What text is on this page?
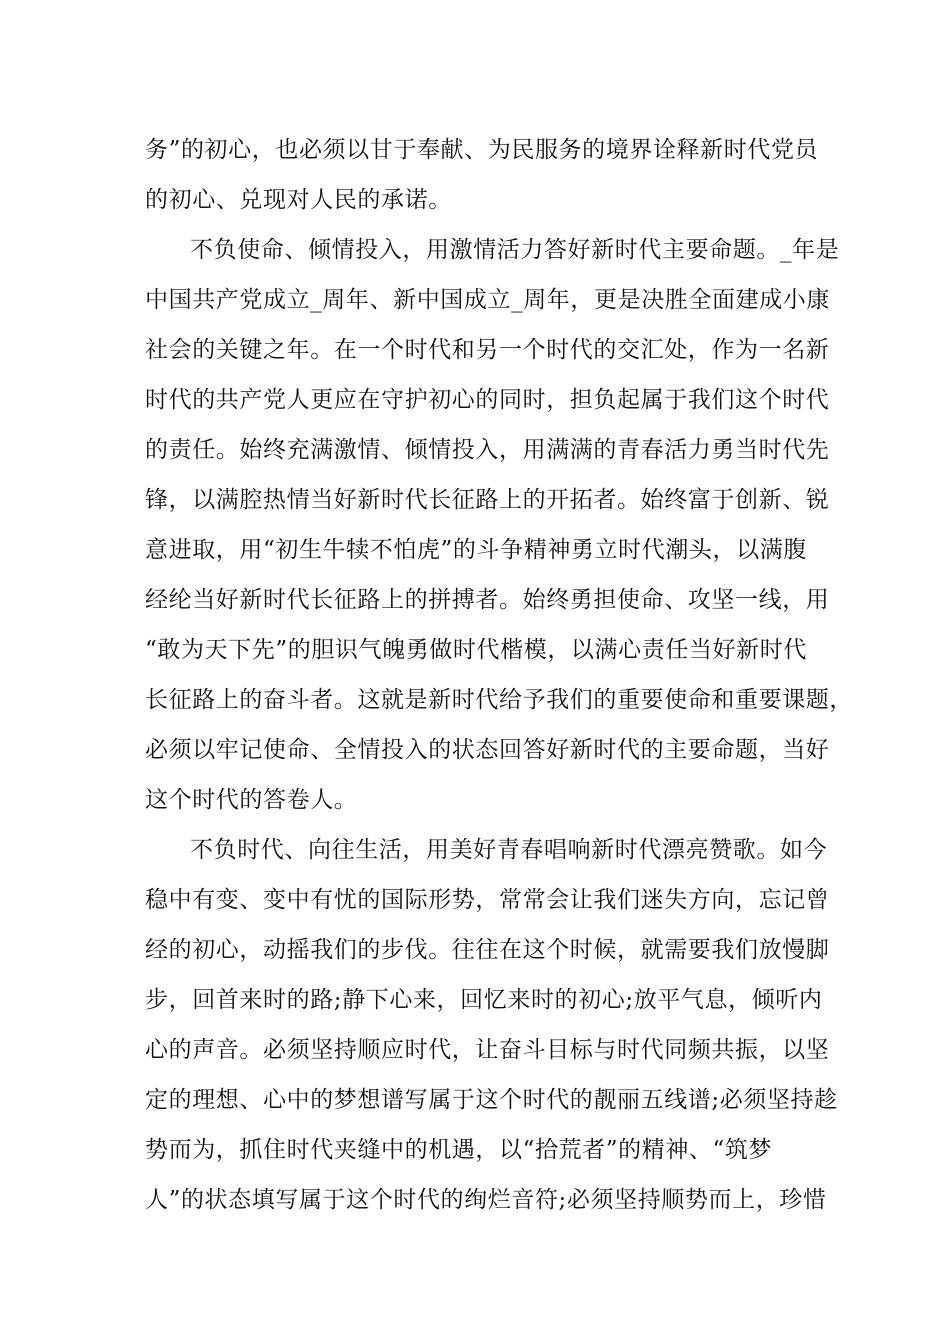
务”的初心，也必须以甘于奉献、为民服务的境界诠释新时代党员
的初心、兑现对人民的承诺。
不负使命、倾情投入，用激情活力答好新时代主要命题。_年是
中国共产党成立_周年、新中国成立_周年，更是决胜全面建成小康
社会的关键之年。在一个时代和另一个时代的交汇处，作为一名新
时代的共产党人更应在守护初心的同时，担负起属于我们这个时代
的责任。始终充满激情、倾情投入，用满满的青春活力勇当时代先
锋，以满腔热情当好新时代长征路上的开拓者。始终富于创新、锐
意进取，用“初生牛犊不怕虎”的斗争精神勇立时代潮头，以满腹
经纶当好新时代长征路上的拼搏者。始终勇担使命、攻坚一线，用
“敢为天下先”的胆识气魄勇做时代楷模，以满心责任当好新时代
长征路上的奋斗者。这就是新时代给予我们的重要使命和重要课题，
必须以牢记使命、全情投入的状态回答好新时代的主要命题，当好
这个时代的答卷人。
不负时代、向往生活，用美好青春唱响新时代漂亮赞歌。如今
稳中有变、变中有忧的国际形势，常常会让我们迷失方向，忘记曾
经的初心，动摇我们的步伐。往往在这个时候，就需要我们放慢脚
步，回首来时的路;静下心来，回忆来时的初心;放平气息，倾听内
心的声音。必须坚持顺应时代，让奋斗目标与时代同频共振，以坚
定的理想、心中的梦想谱写属于这个时代的靓丽五线谱;必须坚持趁
势而为，抓住时代夹缝中的机遇，以“拾荒者”的精神、“筑梦
人”的状态填写属于这个时代的绚烂音符;必须坚持顺势而上，珍惜
